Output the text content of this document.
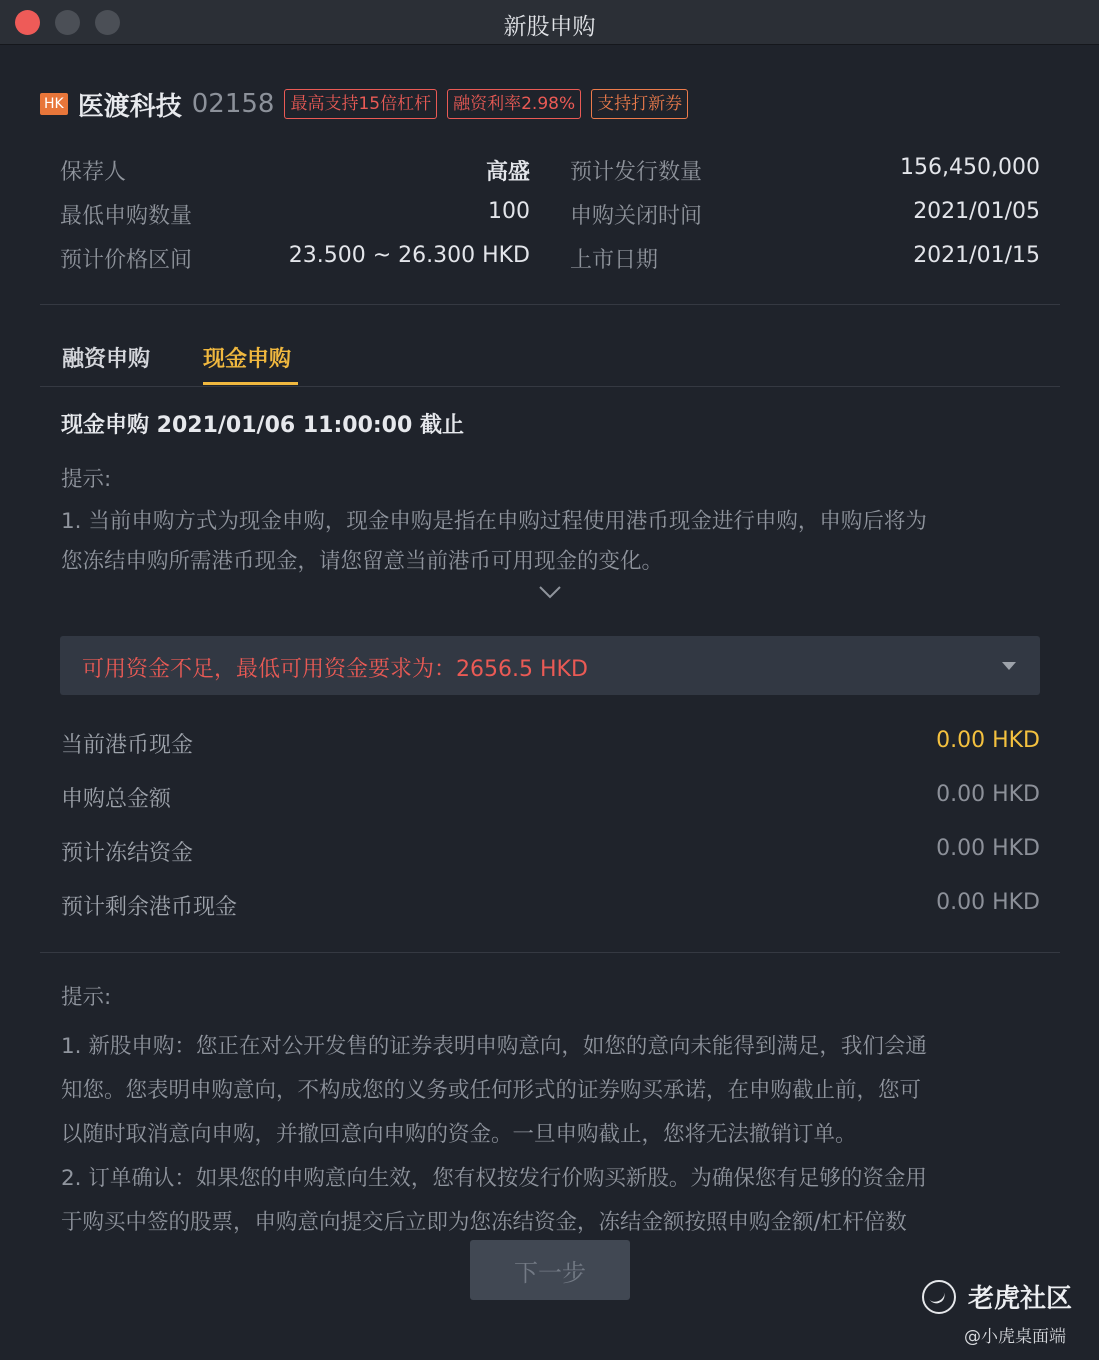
新股申购
HK 医渡科技 02158 最高支持15倍杠杆	融资利率2.98%	支持打新券
保荐人	高盛 预计发行数量	156,450,000
最低申购数量	100 申购关闭时间	2021/01/05
预计价格区间	23.500 ~ 26.300 HKD 上市日期	2021/01/15
融资申购 现金申购
现金申购 2021/01/06 11:00:00 截止
提示:
1. 当前申购方式为现金申购，现金申购是指在申购过程使用港币现金进行申购，申购后将为
您冻结申购所需港币现金，请您留意当前港币可用现金的变化。
可用资金不足，最低可用资金要求为：2656.5 HKD
当前港币现金	0.00 HKD
申购总金额	0.00 HKD
预计冻结资金	0.00 HKD
预计剩余港币现金	0.00 HKD
提示:
1. 新股申购：您正在对公开发售的证券表明申购意向，如您的意向未能得到满足，我们会通
知您。您表明申购意向，不构成您的义务或任何形式的证券购买承诺，在申购截止前，您可
以随时取消意向申购，并撤回意向申购的资金。一旦申购截止，您将无法撤销订单。
2. 订单确认：如果您的申购意向生效，您有权按发行价购买新股。为确保您有足够的资金用
于购买中签的股票，申购意向提交后立即为您冻结资金，冻结金额按照申购金额/杠杆倍数
下一步
老虎社区
@小虎桌面端
